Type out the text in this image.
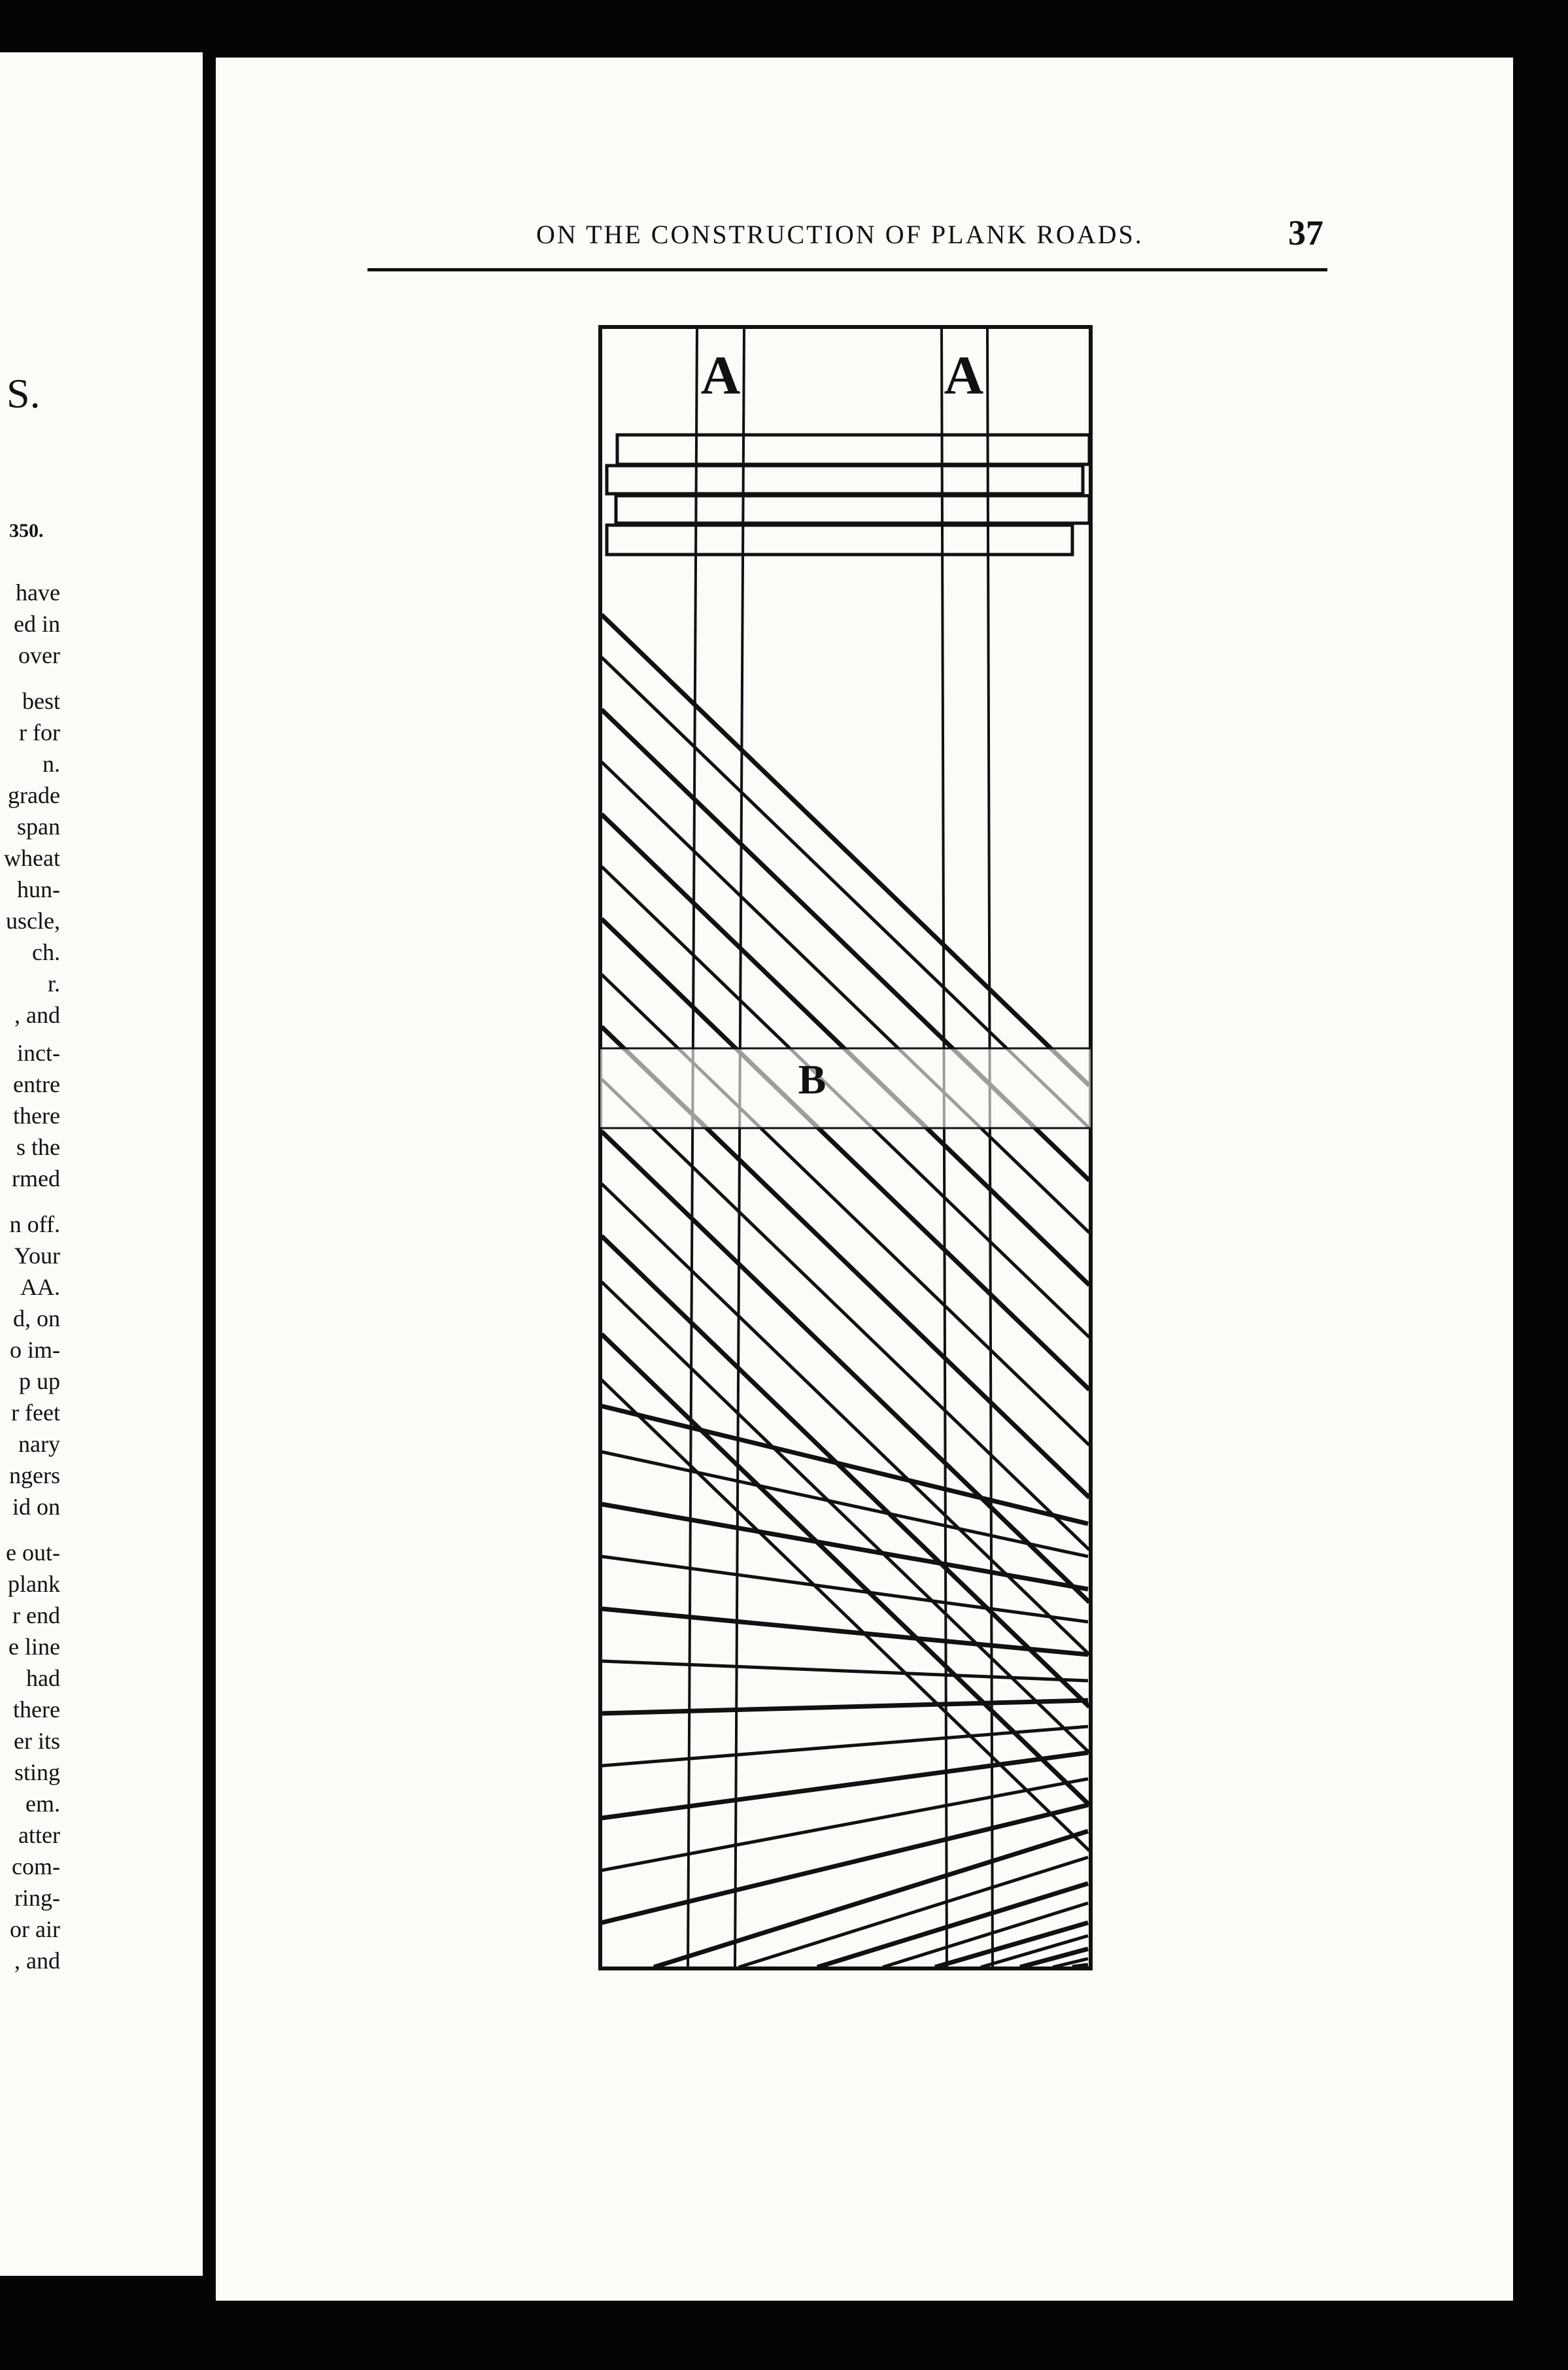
S.
350.
have
ed in
over
best
r for
n.
grade
span
wheat
hun-
uscle,
ch.
r.
, and
inct-
entre
there
s the
rmed
n off.
Your
AA.
d, on
o im-
p up
r feet
nary
ngers
id on
e out-
plank
r end
e line
had
there
er its
sting
em.
atter
com-
ring-
or air
, and
ON THE CONSTRUCTION OF PLANK ROADS.	37
A	A
B
